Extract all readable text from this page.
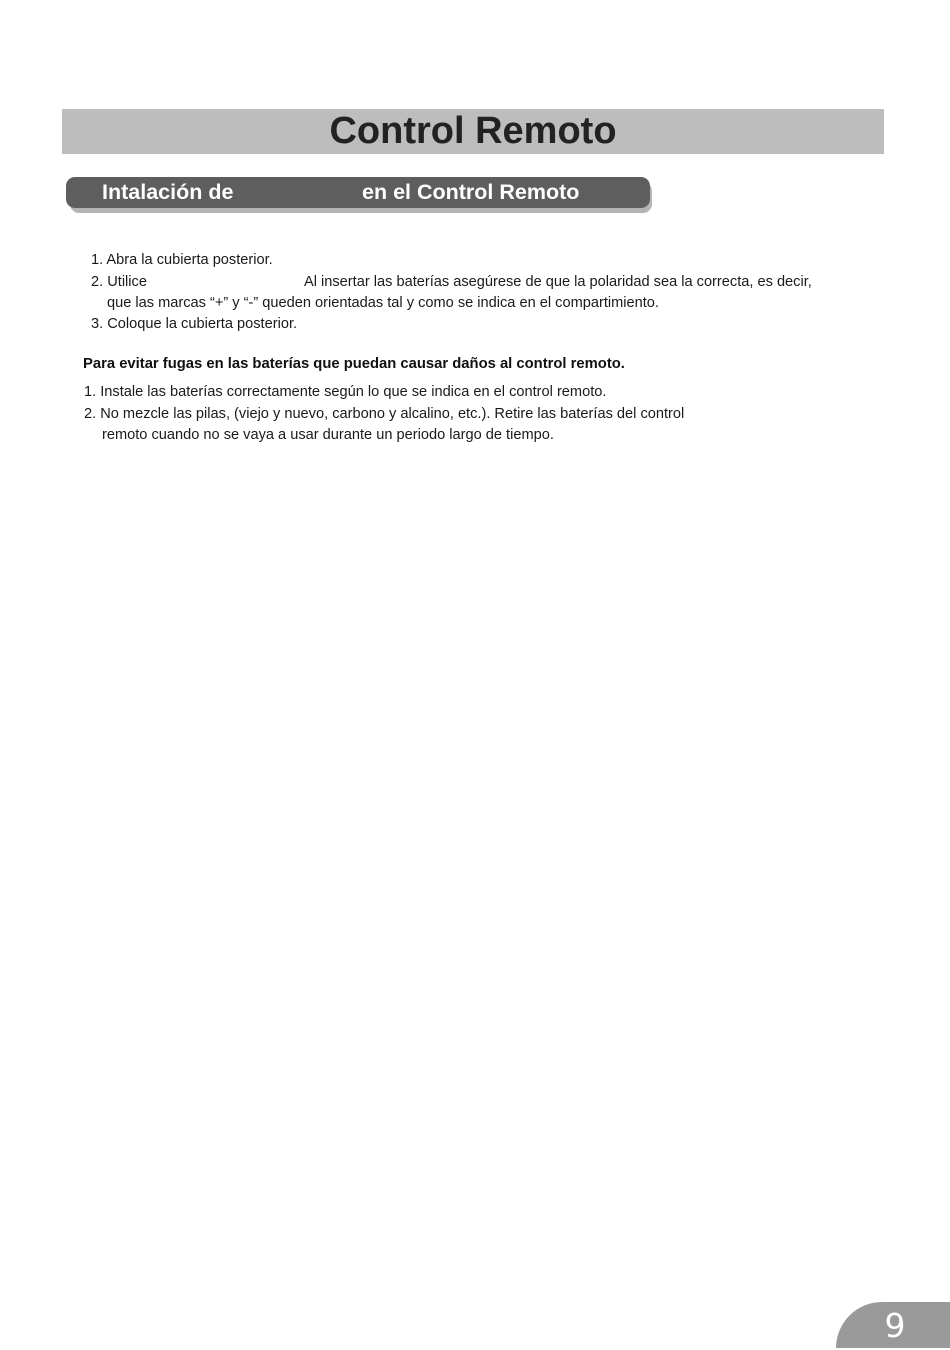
Control Remoto
Intalación de	en el Control Remoto
1. Abra la cubierta posterior.
2. Utilice	Al insertar las baterías asegúrese de que la polaridad sea la correcta, es decir,
que las marcas “+” y “-” queden orientadas tal y como se indica en el compartimiento.
3. Coloque la cubierta posterior.
Para evitar fugas en las baterías que puedan causar daños al control remoto.
1. Instale las baterías correctamente según lo que se indica en el control remoto.
2. No mezcle las pilas, (viejo y nuevo, carbono y alcalino, etc.). Retire las baterías del control
remoto cuando no se vaya a usar durante un periodo largo de tiempo.
9
